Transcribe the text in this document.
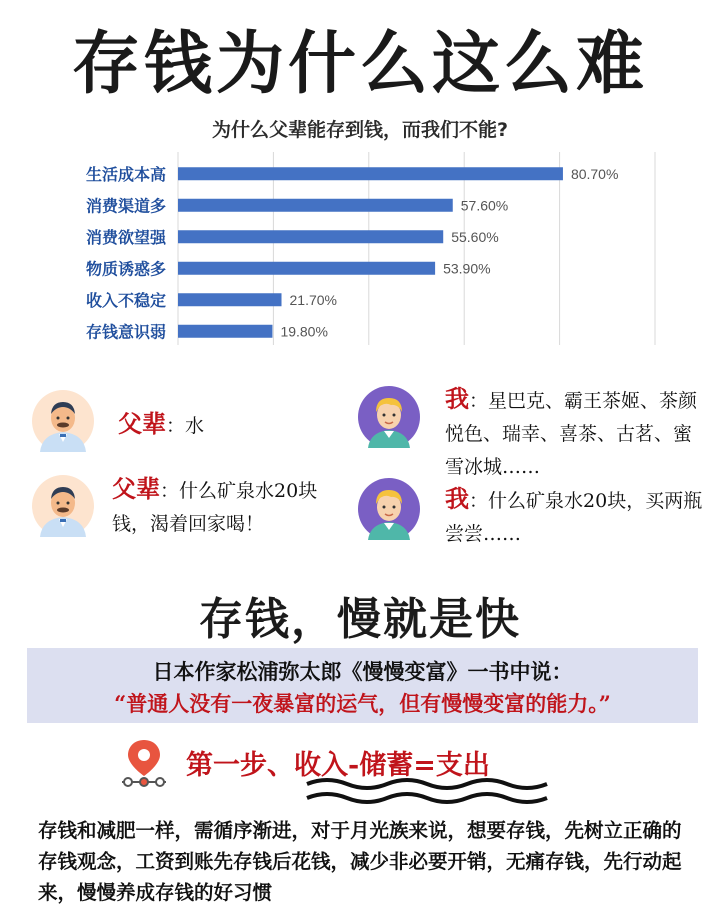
存钱为什么这么难
为什么父辈能存到钱，而我们不能?
生活成本高	80.70%
消费渠道多	57.60%
消费欲望强	55.60%
物质诱惑多	53.90%
收入不稳定	21.70%
存钱意识弱	19.80%
父辈：水
我：星巴克、霸王茶姬、茶颜悦色、瑞幸、喜茶、古茗、蜜雪冰城……
父辈：什么矿泉水20块钱，渴着回家喝！
我：什么矿泉水20块，买两瓶尝尝……
存钱，慢就是快
日本作家松浦弥太郎《慢慢变富》一书中说：
“普通人没有一夜暴富的运气，但有慢慢变富的能力。”
第一步、收入-储蓄=支出
存钱和减肥一样，需循序渐进，对于月光族来说，想要存钱，先树立正确的存钱观念，工资到账先存钱后花钱，减少非必要开销，无痛存钱，先行动起来，慢慢养成存钱的好习惯
